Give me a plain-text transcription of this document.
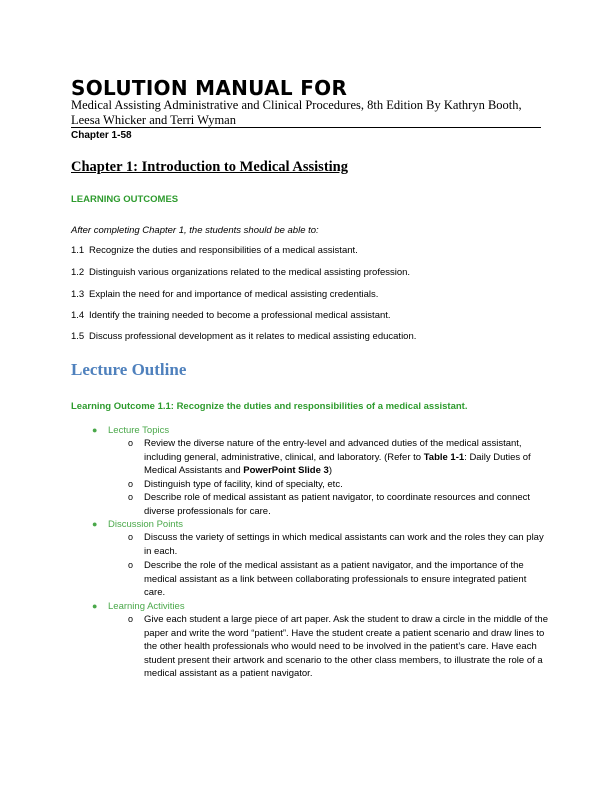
SOLUTION MANUAL FOR
Medical Assisting Administrative and Clinical Procedures, 8th Edition By Kathryn Booth, Leesa Whicker and Terri Wyman
Chapter 1-58
Chapter 1: Introduction to Medical Assisting
LEARNING OUTCOMES
After completing Chapter 1, the students should be able to:
1.1 Recognize the duties and responsibilities of a medical assistant.
1.2 Distinguish various organizations related to the medical assisting profession.
1.3 Explain the need for and importance of medical assisting credentials.
1.4 Identify the training needed to become a professional medical assistant.
1.5 Discuss professional development as it relates to medical assisting education.
Lecture Outline
Learning Outcome 1.1: Recognize the duties and responsibilities of a medical assistant.
● Lecture Topics
o Review the diverse nature of the entry-level and advanced duties of the medical assistant, including general, administrative, clinical, and laboratory. (Refer to Table 1-1: Daily Duties of Medical Assistants and PowerPoint Slide 3)
o Distinguish type of facility, kind of specialty, etc.
o Describe role of medical assistant as patient navigator, to coordinate resources and connect diverse professionals for care.
● Discussion Points
o Discuss the variety of settings in which medical assistants can work and the roles they can play in each.
o Describe the role of the medical assistant as a patient navigator, and the importance of the medical assistant as a link between collaborating professionals to ensure integrated patient care.
● Learning Activities
o Give each student a large piece of art paper. Ask the student to draw a circle in the middle of the paper and write the word “patient”. Have the student create a patient scenario and draw lines to the other health professionals who would need to be involved in the patient’s care. Have each student present their artwork and scenario to the other class members, to illustrate the role of a medical assistant as a patient navigator.
